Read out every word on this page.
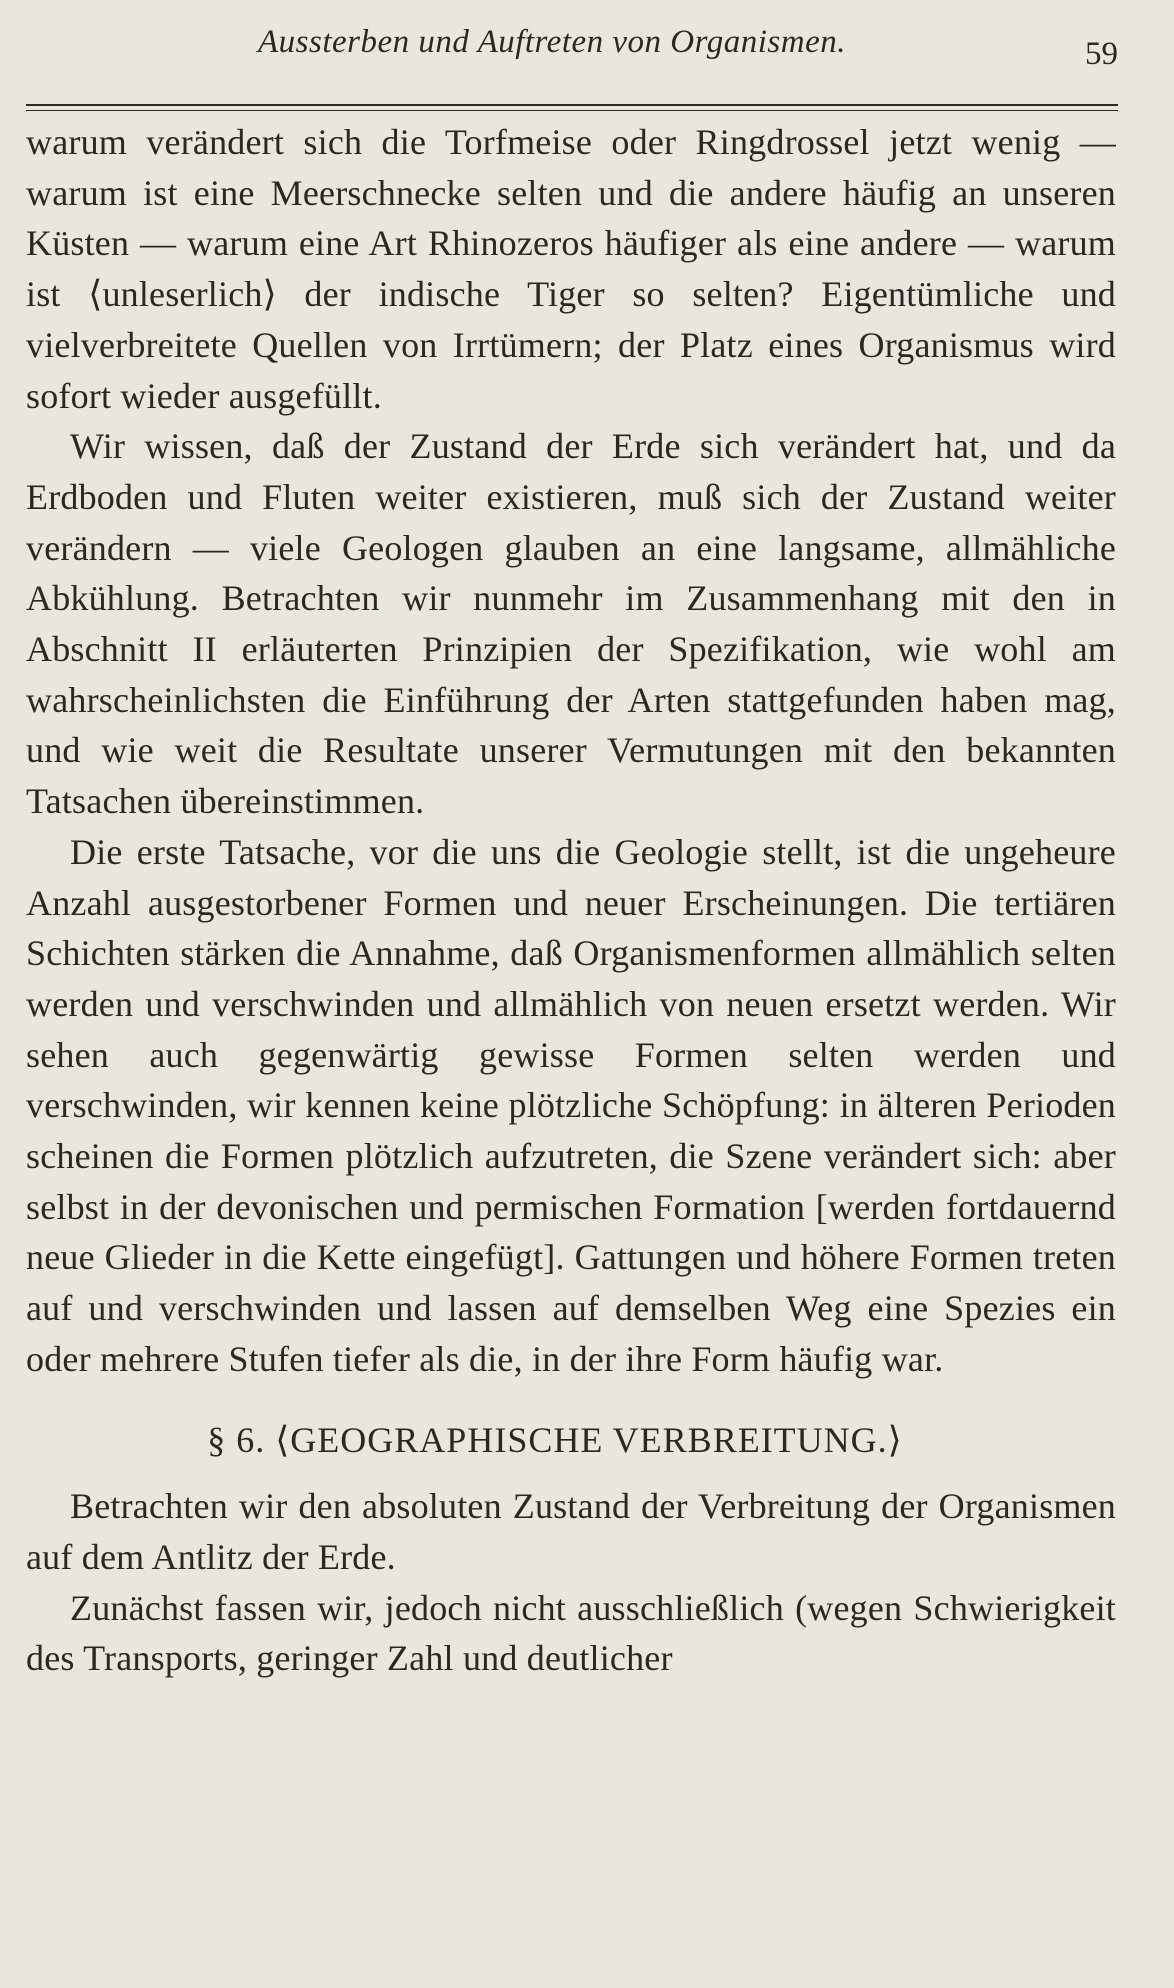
Aussterben und Auftreten von Organismen.	59

warum verändert sich die Torfmeise oder Ringdrossel jetzt wenig — warum ist eine Meerschnecke selten und die andere häufig an unseren Küsten — warum eine Art Rhinozeros häufiger als eine andere — warum ist ⟨unleserlich⟩ der indische Tiger so selten? Eigentümliche und vielverbreitete Quellen von Irrtümern; der Platz eines Organismus wird sofort wieder ausgefüllt.

Wir wissen, daß der Zustand der Erde sich verändert hat, und da Erdboden und Fluten weiter existieren, muß sich der Zustand weiter verändern — viele Geologen glauben an eine langsame, allmähliche Abkühlung. Betrachten wir nunmehr im Zusammenhang mit den in Abschnitt II erläuterten Prinzipien der Spezifikation, wie wohl am wahrscheinlichsten die Einführung der Arten stattgefunden haben mag, und wie weit die Resultate unserer Vermutungen mit den bekannten Tatsachen übereinstimmen.

Die erste Tatsache, vor die uns die Geologie stellt, ist die ungeheure Anzahl ausgestorbener Formen und neuer Erscheinungen. Die tertiären Schichten stärken die Annahme, daß Organismenformen allmählich selten werden und verschwinden und allmählich von neuen ersetzt werden. Wir sehen auch gegenwärtig gewisse Formen selten werden und verschwinden, wir kennen keine plötzliche Schöpfung: in älteren Perioden scheinen die Formen plötzlich aufzutreten, die Szene verändert sich: aber selbst in der devonischen und permischen Formation [werden fortdauernd neue Glieder in die Kette eingefügt]. Gattungen und höhere Formen treten auf und verschwinden und lassen auf demselben Weg eine Spezies ein oder mehrere Stufen tiefer als die, in der ihre Form häufig war.

§ 6. ⟨GEOGRAPHISCHE VERBREITUNG.⟩

Betrachten wir den absoluten Zustand der Verbreitung der Organismen auf dem Antlitz der Erde.

Zunächst fassen wir, jedoch nicht ausschließlich (wegen Schwierigkeit des Transports, geringer Zahl und deutlicher
